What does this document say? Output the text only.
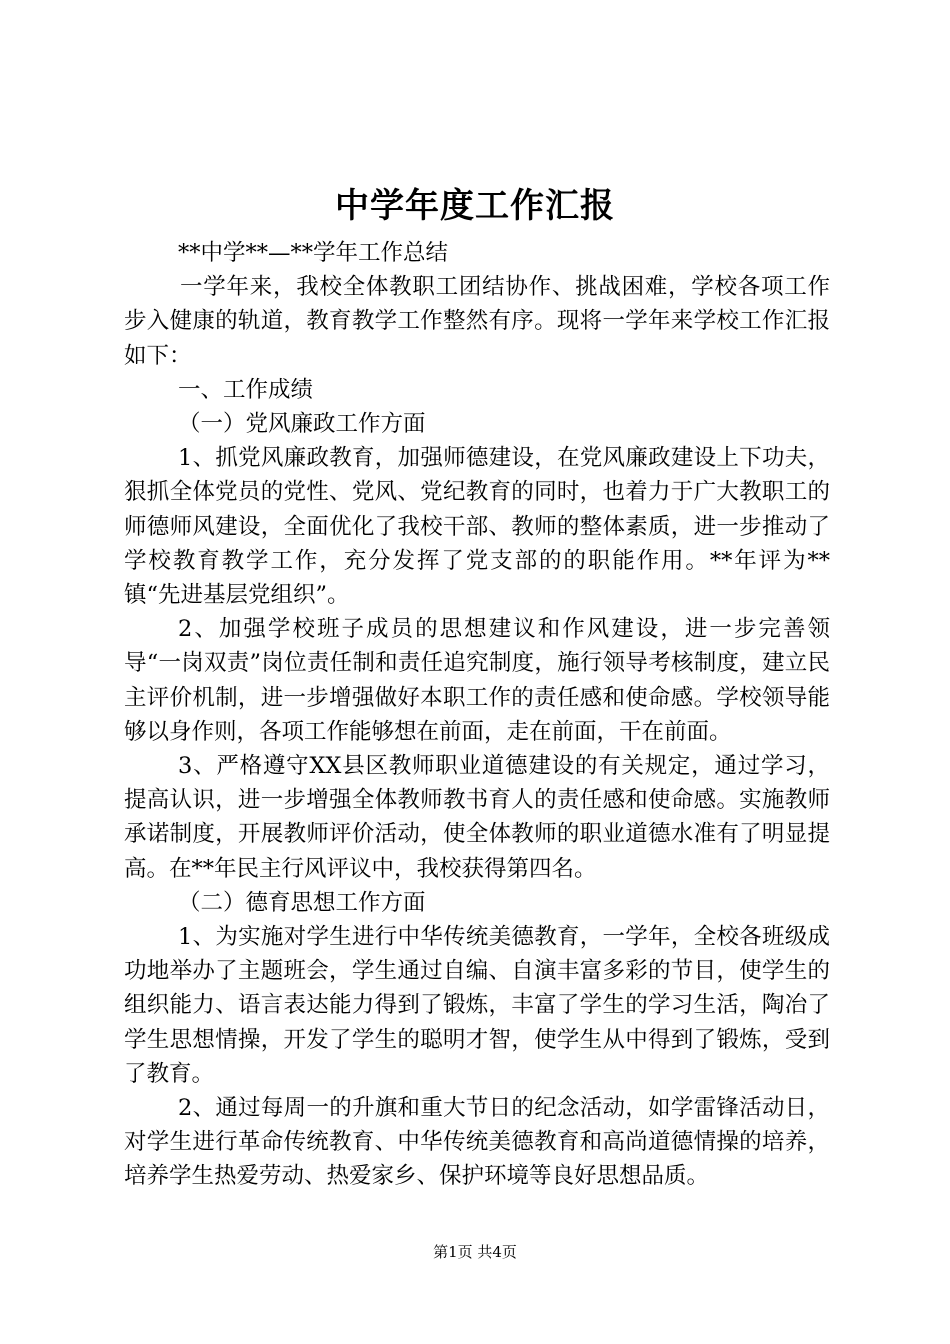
中学年度工作汇报

**中学**—**学年工作总结

一学年来，我校全体教职工团结协作、挑战困难，学校各项工作步入健康的轨道，教育教学工作整然有序。现将一学年来学校工作汇报如下：

一、工作成绩

（一）党风廉政工作方面

1、抓党风廉政教育，加强师德建设，在党风廉政建设上下功夫，狠抓全体党员的党性、党风、党纪教育的同时，也着力于广大教职工的师德师风建设，全面优化了我校干部、教师的整体素质，进一步推动了学校教育教学工作，充分发挥了党支部的的职能作用。**年评为**镇“先进基层党组织”。

2、加强学校班子成员的思想建议和作风建设，进一步完善领导“一岗双责”岗位责任制和责任追究制度，施行领导考核制度，建立民主评价机制，进一步增强做好本职工作的责任感和使命感。学校领导能够以身作则，各项工作能够想在前面，走在前面，干在前面。

3、严格遵守XX县区教师职业道德建设的有关规定，通过学习，提高认识，进一步增强全体教师教书育人的责任感和使命感。实施教师承诺制度，开展教师评价活动，使全体教师的职业道德水准有了明显提高。在**年民主行风评议中，我校获得第四名。

（二）德育思想工作方面

1、为实施对学生进行中华传统美德教育，一学年，全校各班级成功地举办了主题班会，学生通过自编、自演丰富多彩的节目，使学生的组织能力、语言表达能力得到了锻炼，丰富了学生的学习生活，陶冶了学生思想情操，开发了学生的聪明才智，使学生从中得到了锻炼，受到了教育。

2、通过每周一的升旗和重大节日的纪念活动，如学雷锋活动日，对学生进行革命传统教育、中华传统美德教育和高尚道德情操的培养，培养学生热爱劳动、热爱家乡、保护环境等良好思想品质。

第1页 共4页
